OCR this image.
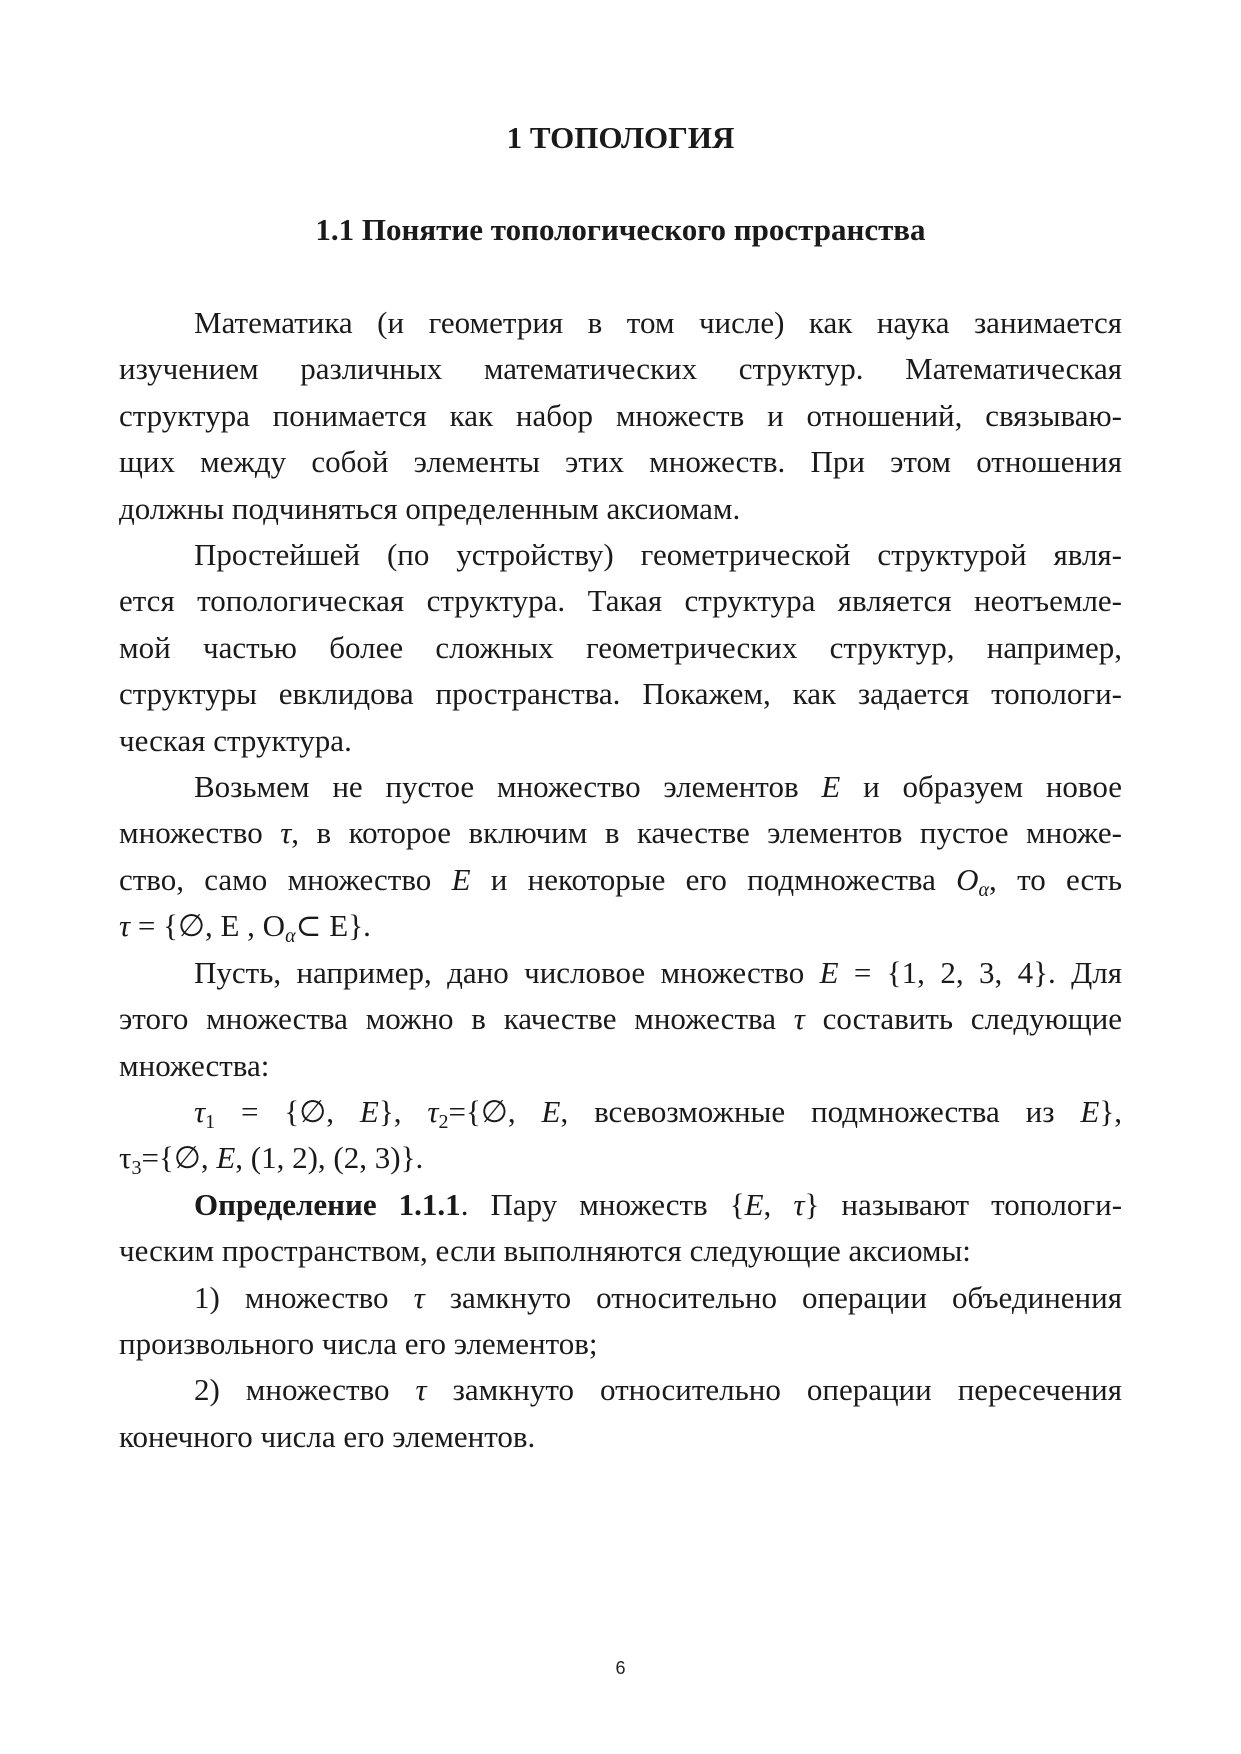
1 ТОПОЛОГИЯ
1.1 Понятие топологического пространства
Математика (и геометрия в том числе) как наука занимается
изучением различных математических структур. Математическая
структура понимается как набор множеств и отношений, связываю-
щих между собой элементы этих множеств. При этом отношения
должны подчиняться определенным аксиомам.
Простейшей (по устройству) геометрической структурой явля-
ется топологическая структура. Такая структура является неотъемле-
мой частью более сложных геометрических структур, например,
структуры евклидова пространства. Покажем, как задается топологи-
ческая структура.
Возьмем не пустое множество элементов E и образуем новое
множество τ, в которое включим в качестве элементов пустое множе-
ство, само множество E и некоторые его подмножества $O_\alpha$, то есть
τ = {∅, E , $O_\alpha\subset$ E}.
Пусть, например, дано числовое множество E = {1, 2, 3, 4}. Для
этого множества можно в качестве множества τ составить следующие
множества:
$\tau_1$ = {∅, E}, $\tau_2=\{\emptyset$, E, всевозможные подмножества из E},
$\tau_3=\{\emptyset$, E, (1, 2), (2, 3)}.
Определение 1.1.1. Пару множеств {E, τ} называют топологи-
ческим пространством, если выполняются следующие аксиомы:
1) множество τ замкнуто относительно операции объединения
произвольного числа его элементов;
2) множество τ замкнуто относительно операции пересечения
конечного числа его элементов.
6
